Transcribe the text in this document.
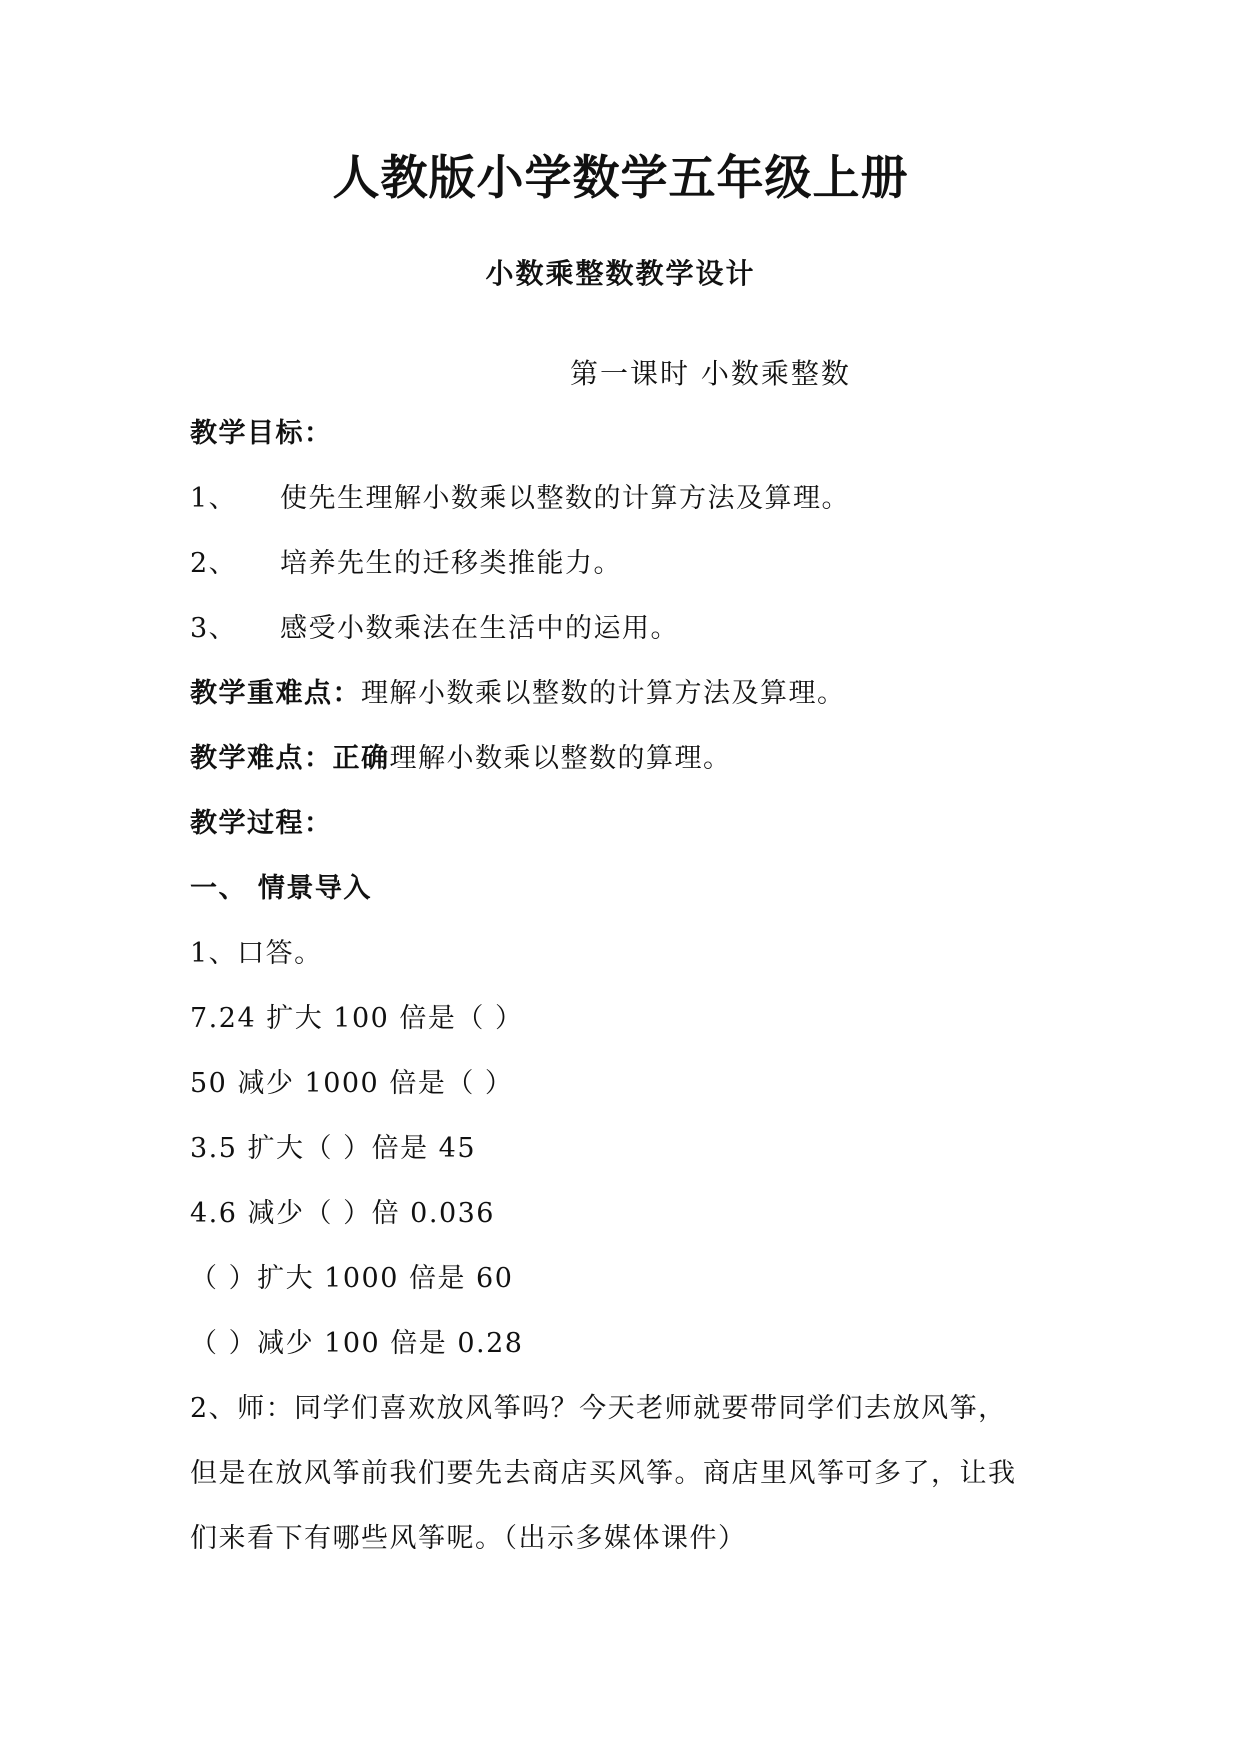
人教版小学数学五年级上册
小数乘整数教学设计
第一课时 小数乘整数
教学目标：
1、 使先生理解小数乘以整数的计算方法及算理。
2、 培养先生的迁移类推能力。
3、 感受小数乘法在生活中的运用。
教学重难点：理解小数乘以整数的计算方法及算理。
教学难点：正确理解小数乘以整数的算理。
教学过程：
一、 情景导入
1、口答。
7.24 扩大 100 倍是（ ）
50 减少 1000 倍是（ ）
3.5 扩大（ ）倍是 45
4.6 减少（ ）倍 0.036
（ ）扩大 1000 倍是 60
（ ）减少 100 倍是 0.28
2、师：同学们喜欢放风筝吗？今天老师就要带同学们去放风筝，
但是在放风筝前我们要先去商店买风筝。商店里风筝可多了，让我
们来看下有哪些风筝呢。（出示多媒体课件）
